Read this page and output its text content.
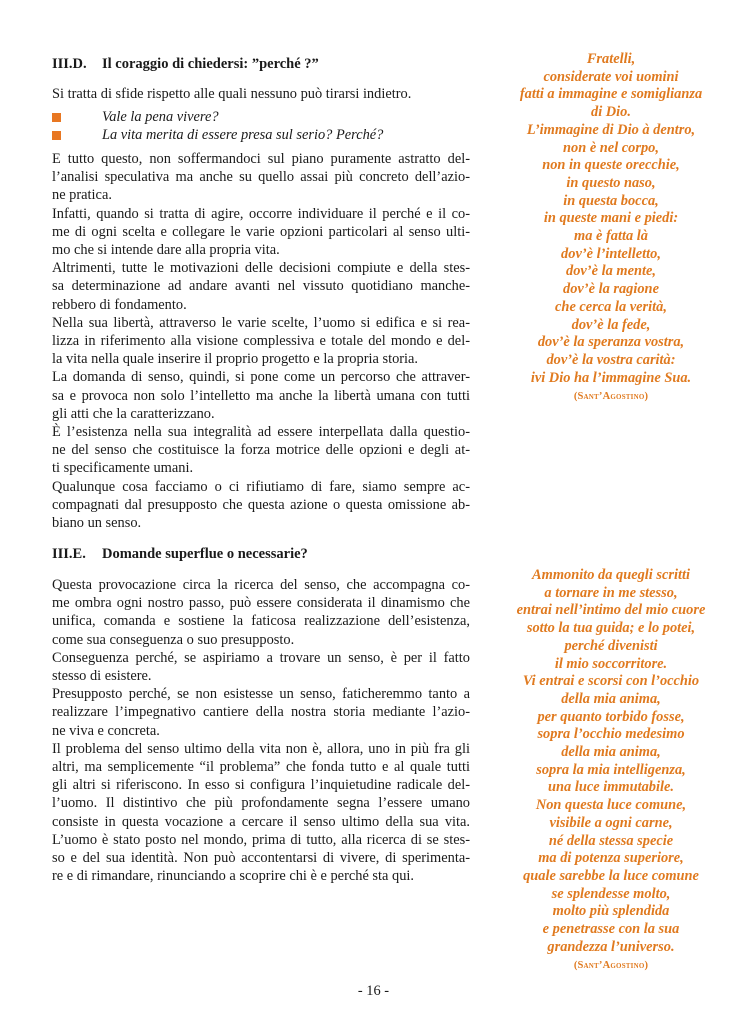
III.D. Il coraggio di chiedersi: ”perché ?”
Si tratta di sfide rispetto alle quali nessuno può tirarsi indietro.
Vale la pena vivere?
La vita merita di essere presa sul serio? Perché?
E tutto questo, non soffermandoci sul piano puramente astratto del-
l’analisi speculativa ma anche su quello assai più concreto dell’azio-
ne pratica.
Infatti, quando si tratta di agire, occorre individuare il perché e il co-
me di ogni scelta e collegare le varie opzioni particolari al senso ulti-
mo che si intende dare alla propria vita.
Altrimenti, tutte le motivazioni delle decisioni compiute e della stes-
sa determinazione ad andare avanti nel vissuto quotidiano manche-
rebbero di fondamento.
Nella sua libertà, attraverso le varie scelte, l’uomo si edifica e si rea-
lizza in riferimento alla visione complessiva e totale del mondo e del-
la vita nella quale inserire il proprio progetto e la propria storia.
La domanda di senso, quindi, si pone come un percorso che attraver-
sa e provoca non solo l’intelletto ma anche la libertà umana con tutti
gli atti che la caratterizzano.
È l’esistenza nella sua integralità ad essere interpellata dalla questio-
ne del senso che costituisce la forza motrice delle opzioni e degli at-
ti specificamente umani.
Qualunque cosa facciamo o ci rifiutiamo di fare, siamo sempre ac-
compagnati dal presupposto che questa azione o questa omissione ab-
biano un senso.
III.E. Domande superflue o necessarie?
Questa provocazione circa la ricerca del senso, che accompagna co-
me ombra ogni nostro passo, può essere considerata il dinamismo che
unifica, comanda e sostiene la faticosa realizzazione dell’esistenza,
come sua conseguenza o suo presupposto.
Conseguenza perché, se aspiriamo a trovare un senso, è per il fatto
stesso di esistere.
Presupposto perché, se non esistesse un senso, faticheremmo tanto a
realizzare l’impegnativo cantiere della nostra storia mediante l’azio-
ne viva e concreta.
Il problema del senso ultimo della vita non è, allora, uno in più fra gli
altri, ma semplicemente “il problema” che fonda tutto e al quale tutti
gli altri si riferiscono. In esso si configura l’inquietudine radicale del-
l’uomo. Il distintivo che più profondamente segna l’essere umano
consiste in questa vocazione a cercare il senso ultimo della sua vita.
L’uomo è stato posto nel mondo, prima di tutto, alla ricerca di se stes-
so e del sua identità. Non può accontentarsi di vivere, di sperimenta-
re e di rimandare, rinunciando a scoprire chi è e perché sta qui.
Fratelli,
considerate voi uomini
fatti a immagine e somiglianza
di Dio.
L’immagine di Dio à dentro,
non è nel corpo,
non in queste orecchie,
in questo naso,
in questa bocca,
in queste mani e piedi:
ma è fatta là
dov’è l’intelletto,
dov’è la mente,
dov’è la ragione
che cerca la verità,
dov’è la fede,
dov’è la speranza vostra,
dov’è la vostra carità:
ivi Dio ha l’immagine Sua.
(Sant’Agostino)
Ammonito da quegli scritti
a tornare in me stesso,
entrai nell’intimo del mio cuore
sotto la tua guida; e lo potei,
perché divenisti
il mio soccorritore.
Vi entrai e scorsi con l’occhio
della mia anima,
per quanto torbido fosse,
sopra l’occhio medesimo
della mia anima,
sopra la mia intelligenza,
una luce immutabile.
Non questa luce comune,
visibile a ogni carne,
né della stessa specie
ma di potenza superiore,
quale sarebbe la luce comune
se splendesse molto,
molto più splendida
e penetrasse con la sua
grandezza l’universo.
(Sant’Agostino)
- 16 -
